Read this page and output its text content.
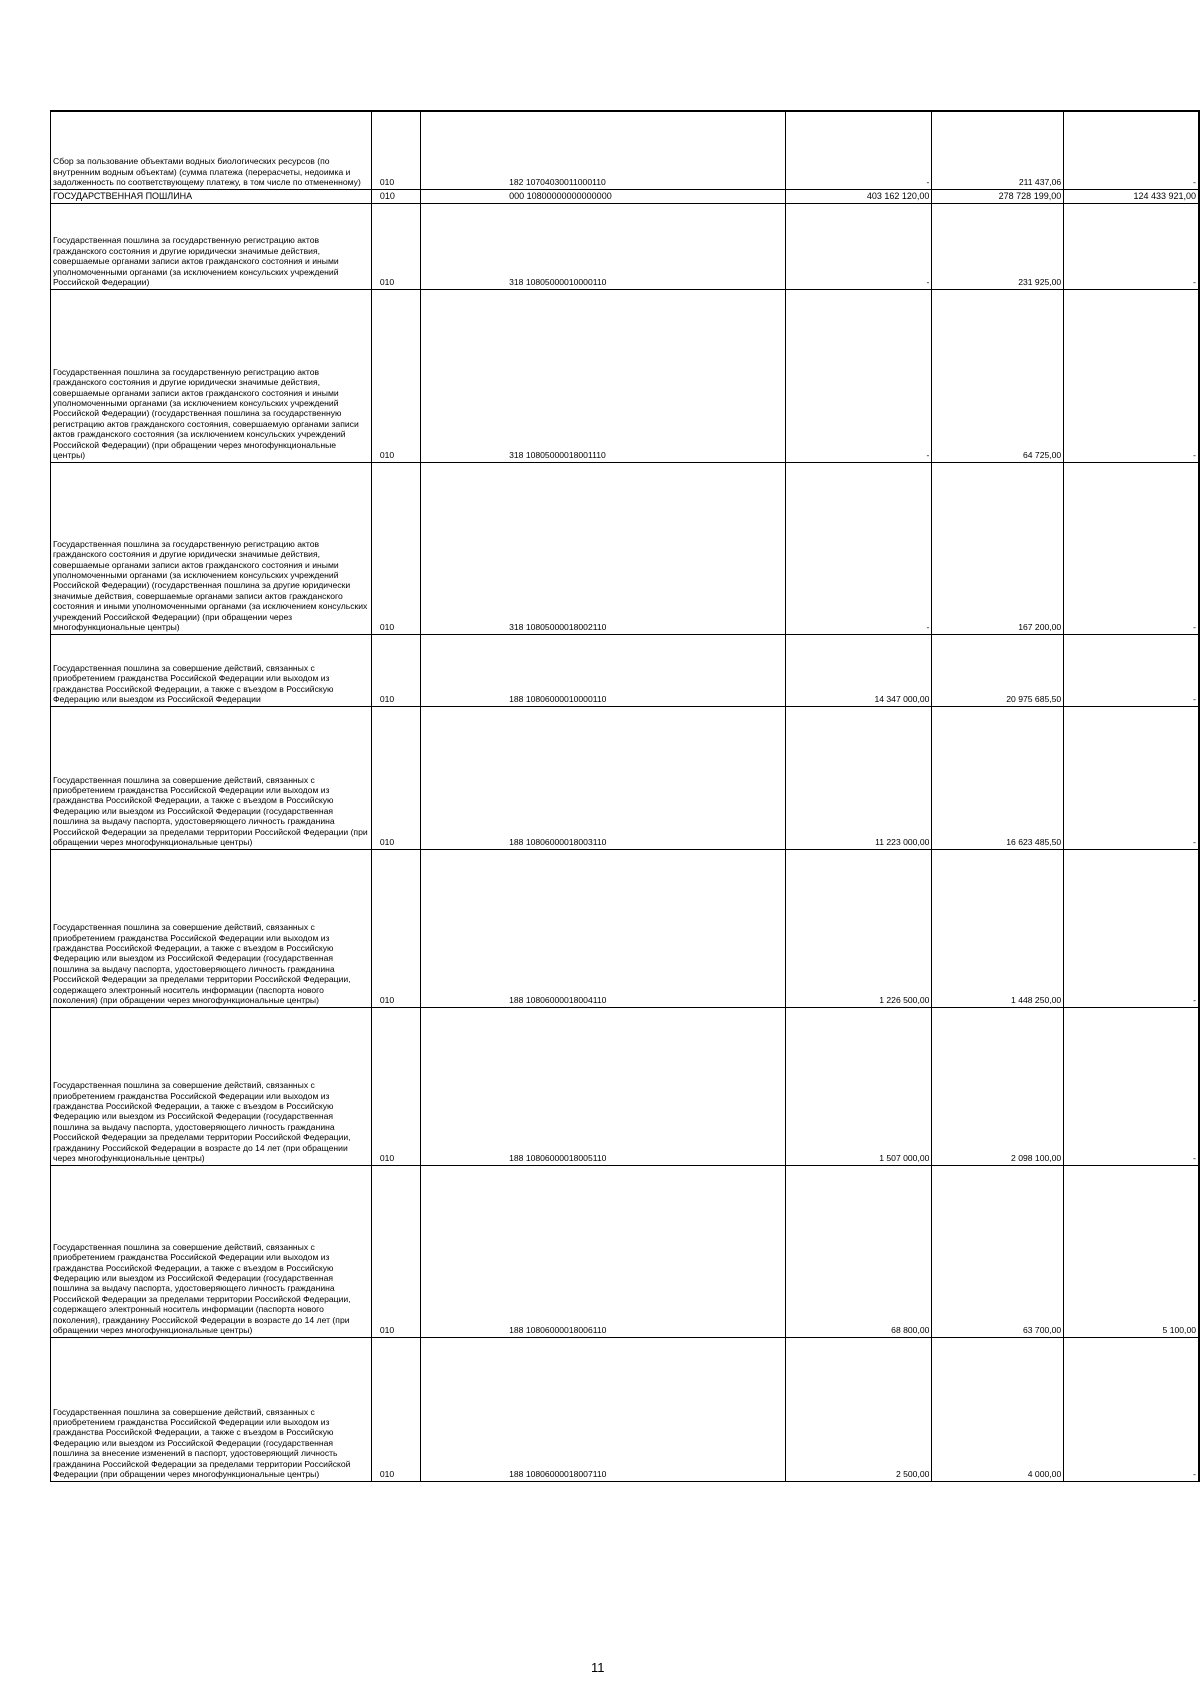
Сбор за пользование объектами водных биологических ресурсов (по внутренним водным объектам) (сумма платежа (перерасчеты, недоимка и задолженность по соответствующему платежу, в том числе по отмененному)	010	182 10704030011000110	-	211 437,06	-
ГОСУДАРСТВЕННАЯ ПОШЛИНА	010	000 10800000000000000	403 162 120,00	278 728 199,00	124 433 921,00
Государственная пошлина за государственную регистрацию актов гражданского состояния и другие юридически значимые действия, совершаемые органами записи актов гражданского состояния и иными уполномоченными органами (за исключением консульских учреждений Российской Федерации)	010	318 10805000010000110	-	231 925,00	-
Государственная пошлина за государственную регистрацию актов гражданского состояния и другие юридически значимые действия, совершаемые органами записи актов гражданского состояния и иными уполномоченными органами (за исключением консульских учреждений Российской Федерации) (государственная пошлина за государственную регистрацию актов гражданского состояния, совершаемую органами записи актов гражданского состояния (за исключением консульских учреждений Российской Федерации) (при обращении через многофункциональные центры)	010	318 10805000018001110	-	64 725,00	-
Государственная пошлина за государственную регистрацию актов гражданского состояния и другие юридически значимые действия, совершаемые органами записи актов гражданского состояния и иными уполномоченными органами (за исключением консульских учреждений Российской Федерации) (государственная пошлина за другие юридически значимые действия, совершаемые органами записи актов гражданского состояния и иными уполномоченными органами (за исключением консульских учреждений Российской Федерации) (при обращении через многофункциональные центры)	010	318 10805000018002110	-	167 200,00	-
Государственная пошлина за совершение действий, связанных с приобретением гражданства Российской Федерации или выходом из гражданства Российской Федерации, а также с въездом в Российскую Федерацию или выездом из Российской Федерации	010	188 10806000010000110	14 347 000,00	20 975 685,50	-
Государственная пошлина за совершение действий, связанных с приобретением гражданства Российской Федерации или выходом из гражданства Российской Федерации, а также с въездом в Российскую Федерацию или выездом из Российской Федерации (государственная пошлина за выдачу паспорта, удостоверяющего личность гражданина Российской Федерации за пределами территории Российской Федерации (при обращении через многофункциональные центры)	010	188 10806000018003110	11 223 000,00	16 623 485,50	-
Государственная пошлина за совершение действий, связанных с приобретением гражданства Российской Федерации или выходом из гражданства Российской Федерации, а также с въездом в Российскую Федерацию или выездом из Российской Федерации (государственная пошлина за выдачу паспорта, удостоверяющего личность гражданина Российской Федерации за пределами территории Российской Федерации, содержащего электронный носитель информации (паспорта нового поколения) (при обращении через многофункциональные центры)	010	188 10806000018004110	1 226 500,00	1 448 250,00	-
Государственная пошлина за совершение действий, связанных с приобретением гражданства Российской Федерации или выходом из гражданства Российской Федерации, а также с въездом в Российскую Федерацию или выездом из Российской Федерации (государственная пошлина за выдачу паспорта, удостоверяющего личность гражданина Российской Федерации за пределами территории Российской Федерации, гражданину Российской Федерации в возрасте до 14 лет (при обращении через многофункциональные центры)	010	188 10806000018005110	1 507 000,00	2 098 100,00	-
Государственная пошлина за совершение действий, связанных с приобретением гражданства Российской Федерации или выходом из гражданства Российской Федерации, а также с въездом в Российскую Федерацию или выездом из Российской Федерации (государственная пошлина за выдачу паспорта, удостоверяющего личность гражданина Российской Федерации за пределами территории Российской Федерации, содержащего электронный носитель информации (паспорта нового поколения), гражданину Российской Федерации в возрасте до 14 лет (при обращении через многофункциональные центры)	010	188 10806000018006110	68 800,00	63 700,00	5 100,00
Государственная пошлина за совершение действий, связанных с приобретением гражданства Российской Федерации или выходом из гражданства Российской Федерации, а также с въездом в Российскую Федерацию или выездом из Российской Федерации (государственная пошлина за внесение изменений в паспорт, удостоверяющий личность гражданина Российской Федерации за пределами территории Российской Федерации (при обращении через многофункциональные центры)	010	188 10806000018007110	2 500,00	4 000,00	-
11
